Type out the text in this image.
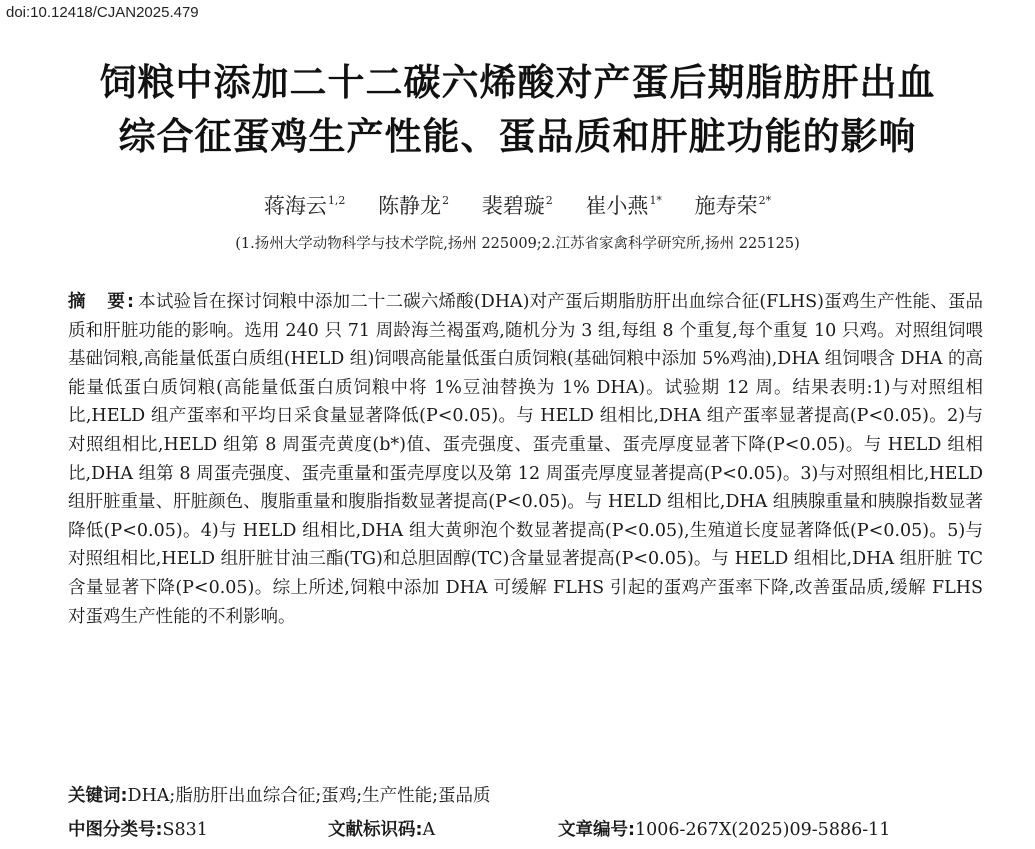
doi:10.12418/CJAN2025.479
饲粮中添加二十二碳六烯酸对产蛋后期脂肪肝出血
综合征蛋鸡生产性能、蛋品质和肝脏功能的影响
蒋海云$^{1,2}$ 陈静龙$^2$ 裴碧璇$^2$ 崔小燕$^{1*}$ 施寿荣$^{2*}$
(1.扬州大学动物科学与技术学院,扬州 225009;2.江苏省家禽科学研究所,扬州 225125)
摘　要: 本试验旨在探讨饲粮中添加二十二碳六烯酸(DHA)对产蛋后期脂肪肝出血综合征(FLHS)蛋鸡生产性能、蛋品质和肝脏功能的影响。选用 240 只 71 周龄海兰褐蛋鸡,随机分为 3 组,每组 8 个重复,每个重复 10 只鸡。对照组饲喂基础饲粮,高能量低蛋白质组(HELD 组)饲喂高能量低蛋白质饲粮(基础饲粮中添加 5%鸡油),DHA 组饲喂含 DHA 的高能量低蛋白质饲粮(高能量低蛋白质饲粮中将 1%豆油替换为 1% DHA)。试验期 12 周。结果表明:1)与对照组相比,HELD 组产蛋率和平均日采食量显著降低(P<0.05)。与 HELD 组相比,DHA 组产蛋率显著提高(P<0.05)。2)与对照组相比,HELD 组第 8 周蛋壳黄度(b*)值、蛋壳强度、蛋壳重量、蛋壳厚度显著下降(P<0.05)。与 HELD 组相比,DHA 组第 8 周蛋壳强度、蛋壳重量和蛋壳厚度以及第 12 周蛋壳厚度显著提高(P<0.05)。3)与对照组相比,HELD 组肝脏重量、肝脏颜色、腹脂重量和腹脂指数显著提高(P<0.05)。与 HELD 组相比,DHA 组胰腺重量和胰腺指数显著降低(P<0.05)。4)与 HELD 组相比,DHA 组大黄卵泡个数显著提高(P<0.05),生殖道长度显著降低(P<0.05)。5)与对照组相比,HELD 组肝脏甘油三酯(TG)和总胆固醇(TC)含量显著提高(P<0.05)。与 HELD 组相比,DHA 组肝脏 TC 含量显著下降(P<0.05)。综上所述,饲粮中添加 DHA 可缓解 FLHS 引起的蛋鸡产蛋率下降,改善蛋品质,缓解 FLHS 对蛋鸡生产性能的不利影响。
关键词:DHA;脂肪肝出血综合征;蛋鸡;生产性能;蛋品质
中图分类号:S831	文献标识码:A	文章编号:1006-267X(2025)09-5886-11
